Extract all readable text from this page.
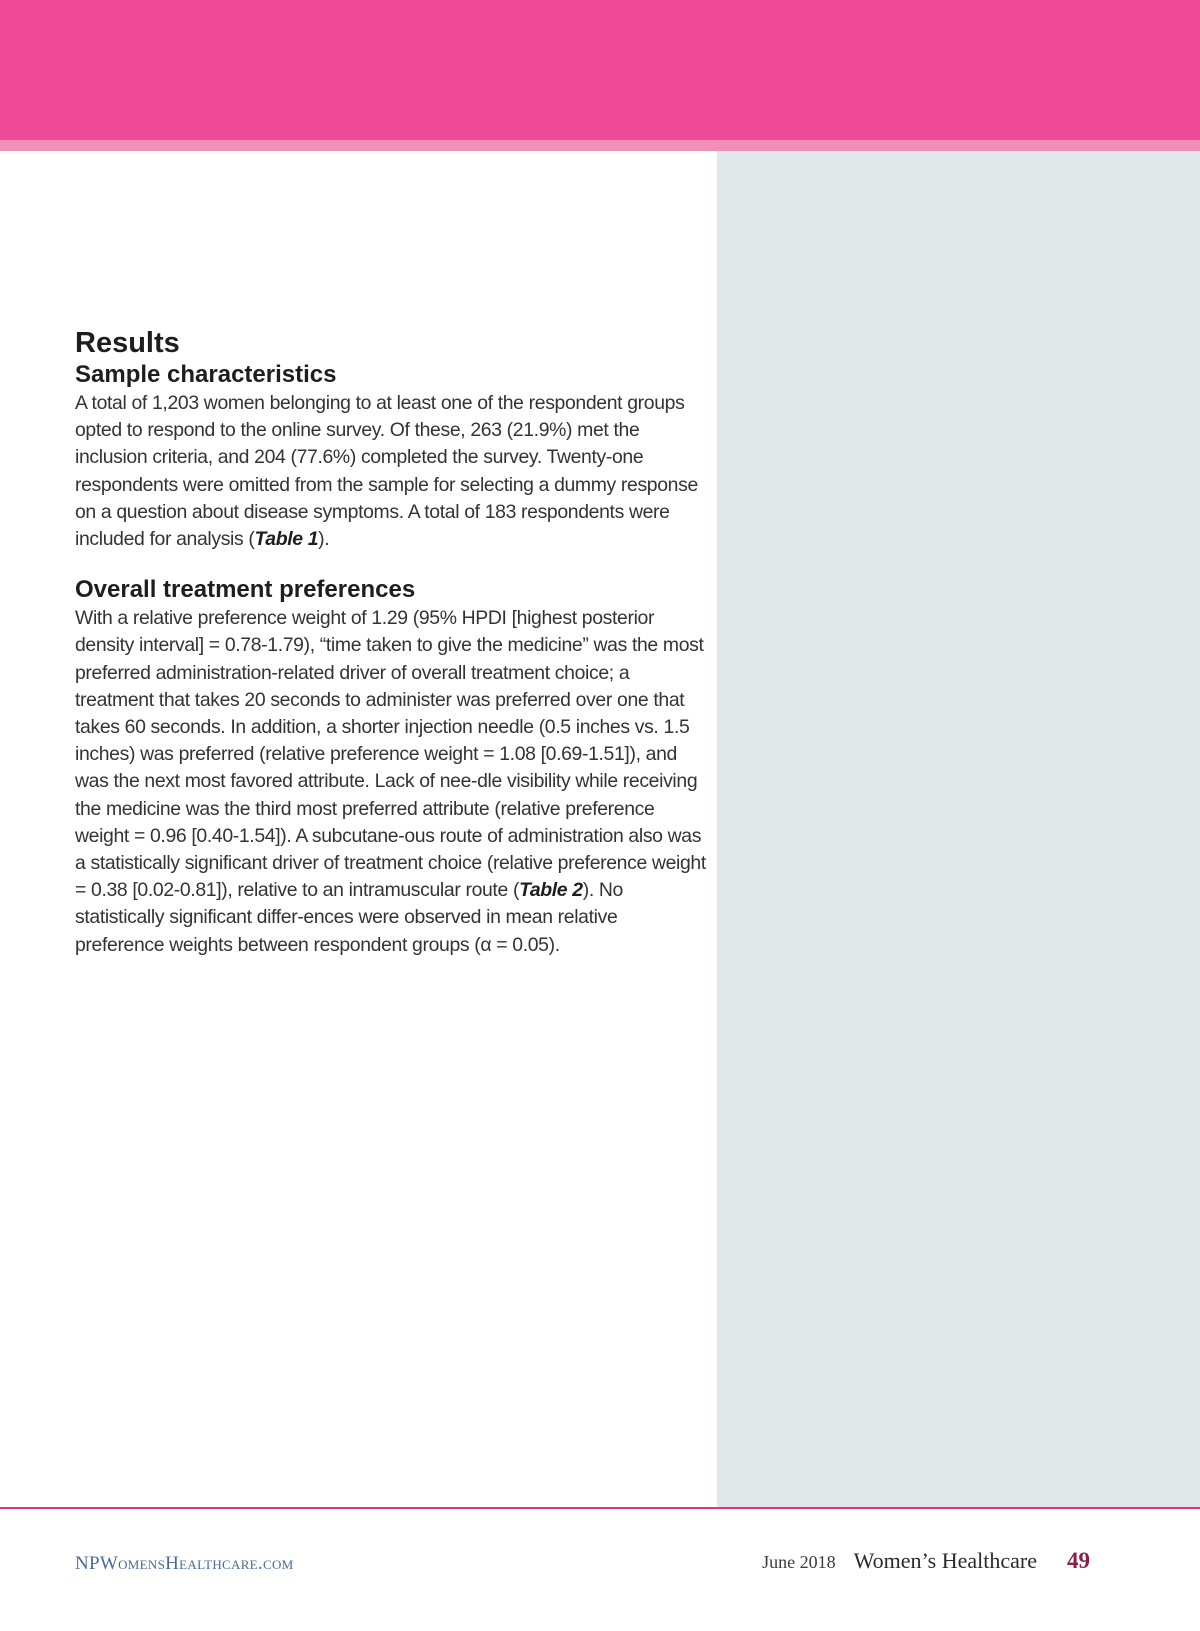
Results
Sample characteristics

A total of 1,203 women belonging to at least one of the respondent groups opted to respond to the online survey. Of these, 263 (21.9%) met the inclusion criteria, and 204 (77.6%) completed the survey. Twenty-one respondents were omitted from the sample for selecting a dummy response on a question about disease symptoms. A total of 183 respondents were included for analysis (Table 1).

Overall treatment preferences

With a relative preference weight of 1.29 (95% HPDI [highest posterior density interval] = 0.78-1.79), “time taken to give the medicine” was the most preferred administration-related driver of overall treatment choice; a treatment that takes 20 seconds to administer was preferred over one that takes 60 seconds. In addition, a shorter injection needle (0.5 inches vs. 1.5 inches) was preferred (relative preference weight = 1.08 [0.69-1.51]), and was the next most favored attribute. Lack of nee-dle visibility while receiving the medicine was the third most preferred attribute (relative preference weight = 0.96 [0.40-1.54]). A subcutane-ous route of administration also was a statistically significant driver of treatment choice (relative preference weight = 0.38 [0.02-0.81]), relative to an intramuscular route (Table 2). No statistically significant differ-ences were observed in mean relative preference weights between respondent groups (α = 0.05).

NPWomensHealthcare.com	June 2018 Women’s Healthcare 49
